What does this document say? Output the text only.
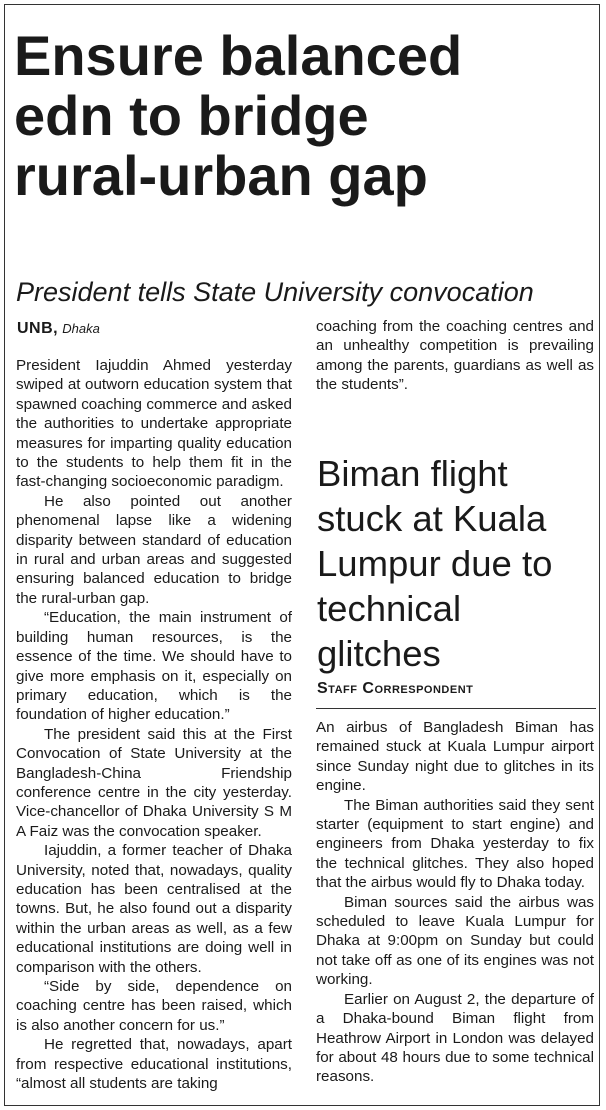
Ensure balanced
edn to bridge
rural-urban gap

President tells State University convocation

UNB, Dhaka

President Iajuddin Ahmed yesterday swiped at outworn education system that spawned coaching commerce and asked the authorities to undertake appropriate measures for imparting quality education to the students to help them fit in the fast-changing socioeconomic paradigm.

He also pointed out another phenomenal lapse like a widening disparity between standard of education in rural and urban areas and suggested ensuring balanced education to bridge the rural-urban gap.

“Education, the main instrument of building human resources, is the essence of the time. We should have to give more emphasis on it, especially on primary education, which is the foundation of higher education.”

The president said this at the First Convocation of State University at the Bangladesh-China Friendship conference centre in the city yesterday. Vice-chancellor of Dhaka University S M A Faiz was the convocation speaker.

Iajuddin, a former teacher of Dhaka University, noted that, nowadays, quality education has been centralised at the towns. But, he also found out a disparity within the urban areas as well, as a few educational institutions are doing well in comparison with the others.

“Side by side, dependence on coaching centre has been raised, which is also another concern for us.”

He regretted that, nowadays, apart from respective educational institutions, “almost all students are taking

coaching from the coaching centres and an unhealthy competition is prevailing among the parents, guardians as well as the students”.

Biman flight
stuck at Kuala
Lumpur due to
technical
glitches

Staff Correspondent

An airbus of Bangladesh Biman has remained stuck at Kuala Lumpur airport since Sunday night due to glitches in its engine.

The Biman authorities said they sent starter (equipment to start engine) and engineers from Dhaka yesterday to fix the technical glitches. They also hoped that the airbus would fly to Dhaka today.

Biman sources said the airbus was scheduled to leave Kuala Lumpur for Dhaka at 9:00pm on Sunday but could not take off as one of its engines was not working.

Earlier on August 2, the departure of a Dhaka-bound Biman flight from Heathrow Airport in London was delayed for about 48 hours due to some technical reasons.
